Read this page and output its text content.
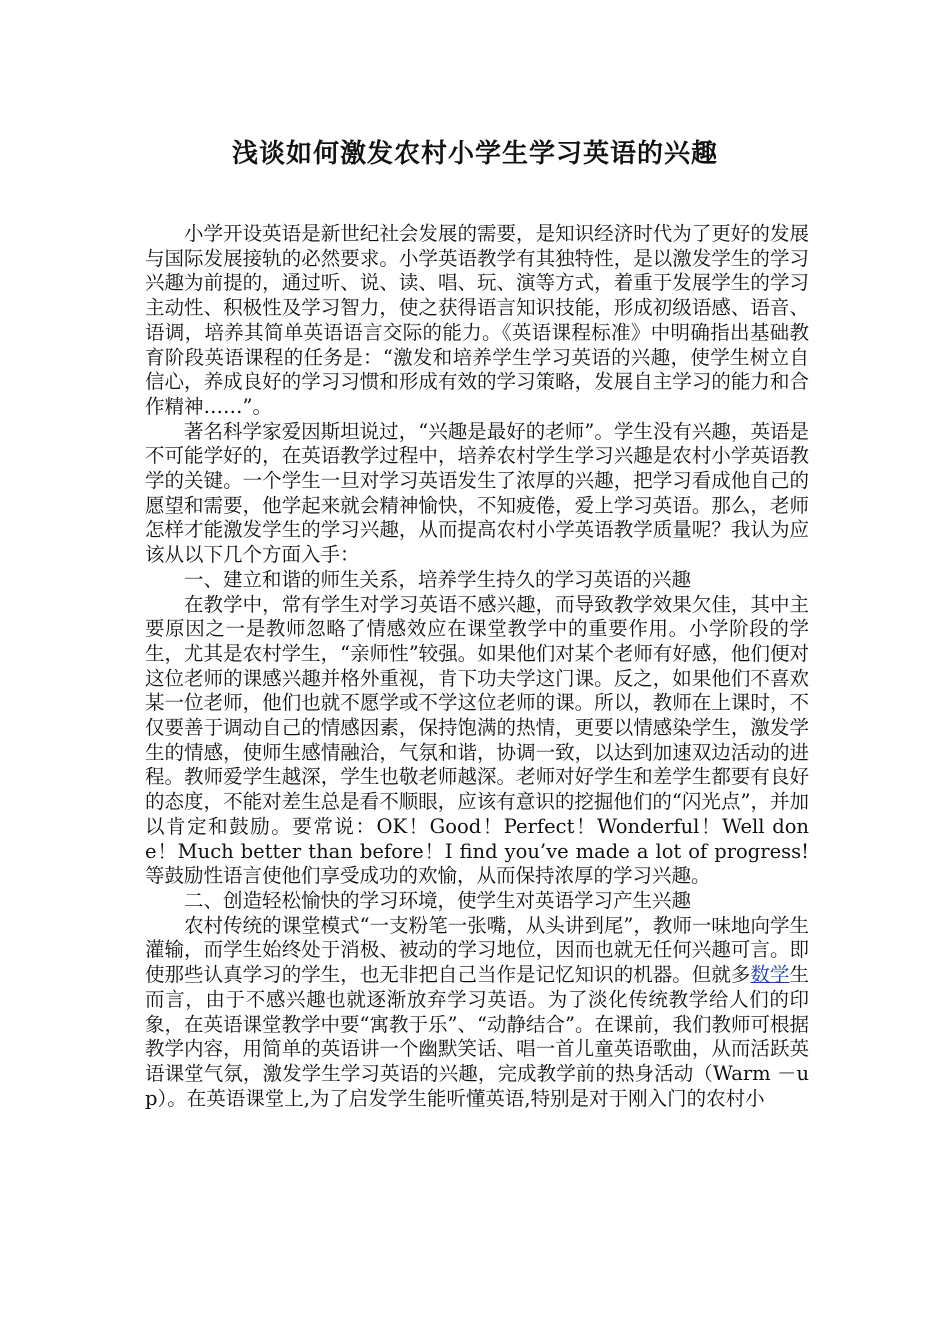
浅谈如何激发农村小学生学习英语的兴趣

小学开设英语是新世纪社会发展的需要，是知识经济时代为了更好的发展与国际发展接轨的必然要求。小学英语教学有其独特性，是以激发学生的学习兴趣为前提的，通过听、说、读、唱、玩、演等方式，着重于发展学生的学习主动性、积极性及学习智力，使之获得语言知识技能，形成初级语感、语音、语调，培养其简单英语语言交际的能力。《英语课程标准》中明确指出基础教育阶段英语课程的任务是：“激发和培养学生学习英语的兴趣，使学生树立自信心，养成良好的学习习惯和形成有效的学习策略，发展自主学习的能力和合作精神……”。

著名科学家爱因斯坦说过，“兴趣是最好的老师”。学生没有兴趣，英语是不可能学好的，在英语教学过程中，培养农村学生学习兴趣是农村小学英语教学的关键。一个学生一旦对学习英语发生了浓厚的兴趣，把学习看成他自己的愿望和需要，他学起来就会精神愉快，不知疲倦，爱上学习英语。那么，老师怎样才能激发学生的学习兴趣，从而提高农村小学英语教学质量呢？我认为应该从以下几个方面入手：

一、建立和谐的师生关系，培养学生持久的学习英语的兴趣

在教学中，常有学生对学习英语不感兴趣，而导致教学效果欠佳，其中主要原因之一是教师忽略了情感效应在课堂教学中的重要作用。小学阶段的学生，尤其是农村学生，“亲师性”较强。如果他们对某个老师有好感，他们便对这位老师的课感兴趣并格外重视，肯下功夫学这门课。反之，如果他们不喜欢某一位老师，他们也就不愿学或不学这位老师的课。所以，教师在上课时，不仅要善于调动自己的情感因素，保持饱满的热情，更要以情感染学生，激发学生的情感，使师生感情融洽，气氛和谐，协调一致，以达到加速双边活动的进程。教师爱学生越深，学生也敬老师越深。老师对好学生和差学生都要有良好的态度，不能对差生总是看不顺眼，应该有意识的挖掘他们的“闪光点”，并加以肯定和鼓励。要常说：OK！Good！Perfect！Wonderful！Well done！Much better than before！I find you’ve made a lot of progress! 等鼓励性语言使他们享受成功的欢愉，从而保持浓厚的学习兴趣。

二、创造轻松愉快的学习环境，使学生对英语学习产生兴趣

农村传统的课堂模式“一支粉笔一张嘴，从头讲到尾”，教师一味地向学生灌输，而学生始终处于消极、被动的学习地位，因而也就无任何兴趣可言。即使那些认真学习的学生，也无非把自己当作是记忆知识的机器。但就多数学生而言，由于不感兴趣也就逐渐放弃学习英语。为了淡化传统教学给人们的印象，在英语课堂教学中要“寓教于乐”、“动静结合”。在课前，我们教师可根据教学内容，用简单的英语讲一个幽默笑话、唱一首儿童英语歌曲，从而活跃英语课堂气氛，激发学生学习英语的兴趣，完成教学前的热身活动（Warm －up）。在英语课堂上,为了启发学生能听懂英语,特别是对于刚入门的农村小
